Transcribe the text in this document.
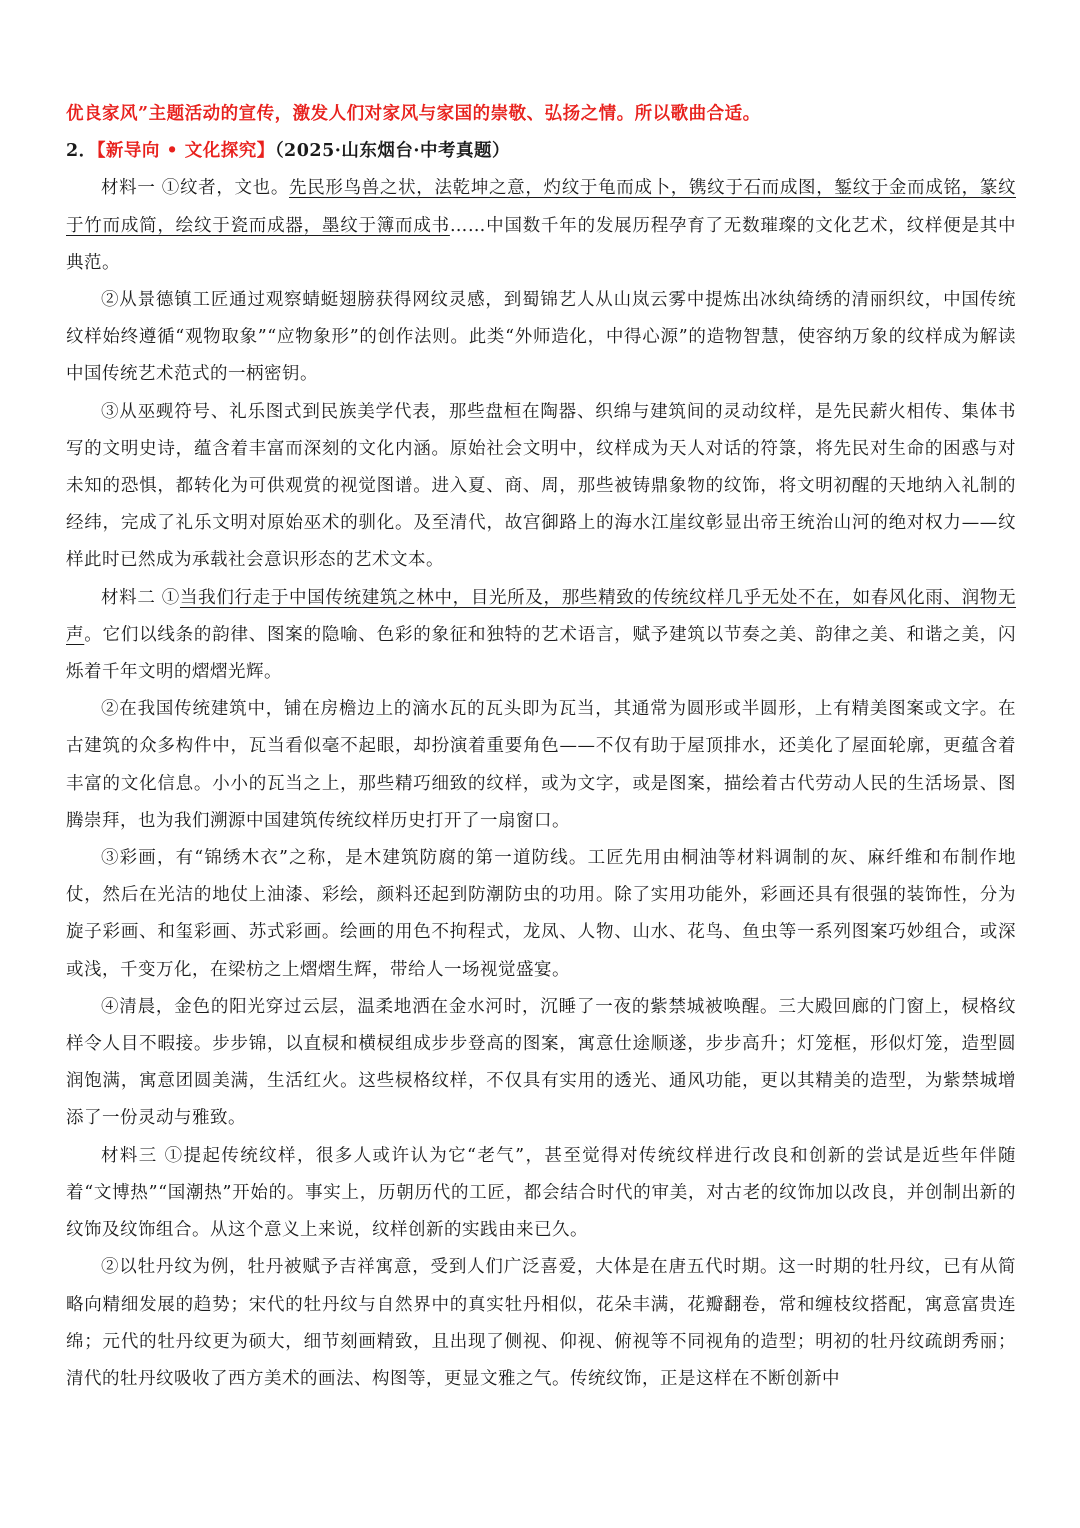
优良家风”主题活动的宣传，激发人们对家风与家国的崇敬、弘扬之情。所以歌曲合适。

2．【新导向 • 文化探究】（2025·山东烟台·中考真题）

材料一 ①纹者，文也。先民形鸟兽之状，法乾坤之意，灼纹于龟而成卜，镌纹于石而成图，錾纹于金而成铭，篆纹于竹而成简，绘纹于瓷而成器，墨纹于簿而成书……中国数千年的发展历程孕育了无数璀璨的文化艺术，纹样便是其中典范。

②从景德镇工匠通过观察蜻蜓翅膀获得网纹灵感，到蜀锦艺人从山岚云雾中提炼出冰纨绮绣的清丽织纹，中国传统纹样始终遵循“观物取象”“应物象形”的创作法则。此类“外师造化，中得心源”的造物智慧，使容纳万象的纹样成为解读中国传统艺术范式的一柄密钥。

③从巫觋符号、礼乐图式到民族美学代表，那些盘桓在陶器、织绵与建筑间的灵动纹样，是先民薪火相传、集体书写的文明史诗，蕴含着丰富而深刻的文化内涵。原始社会文明中，纹样成为天人对话的符箓，将先民对生命的困惑与对未知的恐惧，都转化为可供观赏的视觉图谱。进入夏、商、周，那些被铸鼎象物的纹饰，将文明初醒的天地纳入礼制的经纬，完成了礼乐文明对原始巫术的驯化。及至清代，故宫御路上的海水江崖纹彰显出帝王统治山河的绝对权力——纹样此时已然成为承载社会意识形态的艺术文本。

材料二 ①当我们行走于中国传统建筑之林中，目光所及，那些精致的传统纹样几乎无处不在，如春风化雨、润物无声。它们以线条的韵律、图案的隐喻、色彩的象征和独特的艺术语言，赋予建筑以节奏之美、韵律之美、和谐之美，闪烁着千年文明的熠熠光辉。

②在我国传统建筑中，铺在房檐边上的滴水瓦的瓦头即为瓦当，其通常为圆形或半圆形，上有精美图案或文字。在古建筑的众多构件中，瓦当看似毫不起眼，却扮演着重要角色——不仅有助于屋顶排水，还美化了屋面轮廓，更蕴含着丰富的文化信息。小小的瓦当之上，那些精巧细致的纹样，或为文字，或是图案，描绘着古代劳动人民的生活场景、图腾崇拜，也为我们溯源中国建筑传统纹样历史打开了一扇窗口。

③彩画，有“锦绣木衣”之称，是木建筑防腐的第一道防线。工匠先用由桐油等材料调制的灰、麻纤维和布制作地仗，然后在光洁的地仗上油漆、彩绘，颜料还起到防潮防虫的功用。除了实用功能外，彩画还具有很强的装饰性，分为旋子彩画、和玺彩画、苏式彩画。绘画的用色不拘程式，龙凤、人物、山水、花鸟、鱼虫等一系列图案巧妙组合，或深或浅，千变万化，在梁枋之上熠熠生辉，带给人一场视觉盛宴。

④清晨，金色的阳光穿过云层，温柔地洒在金水河时，沉睡了一夜的紫禁城被唤醒。三大殿回廊的门窗上，棂格纹样令人目不暇接。步步锦，以直棂和横棂组成步步登高的图案，寓意仕途顺遂，步步高升；灯笼框，形似灯笼，造型圆润饱满，寓意团圆美满，生活红火。这些棂格纹样，不仅具有实用的透光、通风功能，更以其精美的造型，为紫禁城增添了一份灵动与雅致。

材料三 ①提起传统纹样，很多人或许认为它“老气”，甚至觉得对传统纹样进行改良和创新的尝试是近些年伴随着“文博热”“国潮热”开始的。事实上，历朝历代的工匠，都会结合时代的审美，对古老的纹饰加以改良，并创制出新的纹饰及纹饰组合。从这个意义上来说，纹样创新的实践由来已久。

②以牡丹纹为例，牡丹被赋予吉祥寓意，受到人们广泛喜爱，大体是在唐五代时期。这一时期的牡丹纹，已有从简略向精细发展的趋势；宋代的牡丹纹与自然界中的真实牡丹相似，花朵丰满，花瓣翻卷，常和缠枝纹搭配，寓意富贵连绵；元代的牡丹纹更为硕大，细节刻画精致，且出现了侧视、仰视、俯视等不同视角的造型；明初的牡丹纹疏朗秀丽；清代的牡丹纹吸收了西方美术的画法、构图等，更显文雅之气。传统纹饰，正是这样在不断创新中
